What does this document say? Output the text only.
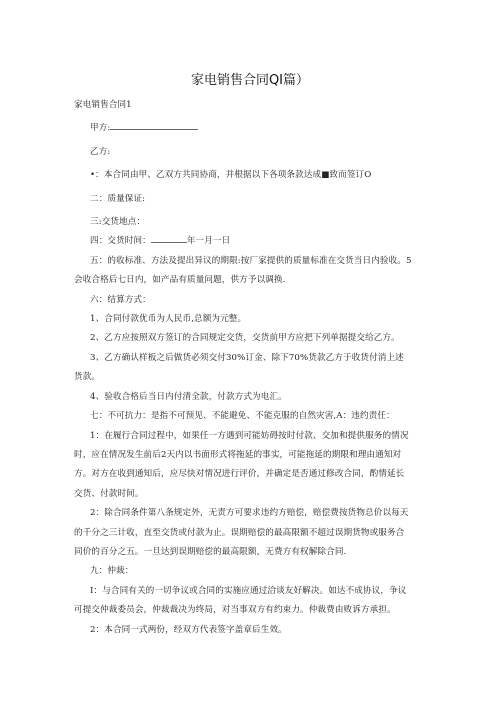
家电销售合同QI篇）

家电销售合同1

甲方:

乙方:

•：本合同由甲、乙双方共同协商，并根据以下各项条款达成■致而签订O

二：质量保证:

三:交货地点：

四：交货时间：	年一月一日

五：的收标准、方法及提出异议的期限:按厂家提供的质量标准在交货当日内验收。5会收合格后七日内，如产品有质量问题，供方予以调换.

六：结算方式：

1、合同付款优币为人民币,总额为元整。

2、乙方应按照双方签订的合同规定交货，交货前甲方应把下列单据提交给乙方。

3、乙方确认样板之后做货必须交付30%订金、除下70%货款乙方于收货付消上述货款。

4、验收合格后当日内付清全款，付款方式为电汇。

七：不可抗力：是指不可预见、不能避免、不能克服的自然灾害,A：违约责任：

1：在履行合同过程中，如果任一方遇到可能妨碍按时付款、交加和提供服务的情况时，应在情况发生前后2天内以书面形式将拖延的事实，可能拖延的期限和理由通知对方。对方在收到通知后，应尽快对情况进行评价，并确定是否通过修改合同，酌情延长交货、付款时间。

2：除合同条件第八条规定外，无责方可要求违约方赔偿，赔偿费按货物总价以每天的千分之三计收，直至交货或付款为止。误期赔偿的最高限额不超过误期货物或服务合同价的百分之五。一旦达到误期赔偿的最高限额，无费方有权解除合同.

九：仲裁：

I：与合同有关的一切争议或合同的实施应通过洽谈友好解决。如达不成协议，争议可提交仲裁委员会，仲裁裁决为终局，对当事双方有约束力。仲裁费由败诉方承担。

2：本合同一式两份，经双方代表签字盖章后生效。
